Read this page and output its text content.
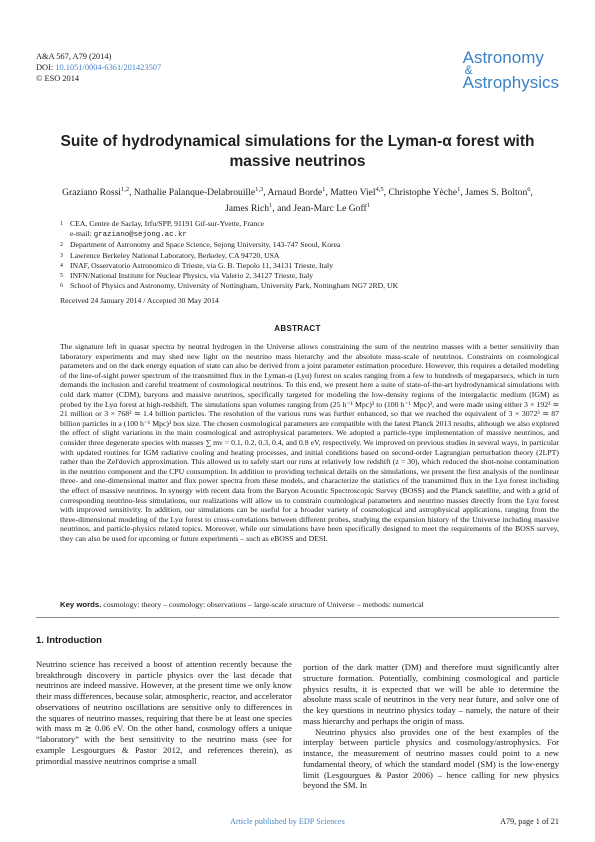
A&A 567, A79 (2014)
DOI: 10.1051/0004-6361/201423507
© ESO 2014
Astronomy
&
Astrophysics
Suite of hydrodynamical simulations for the Lyman-α forest with massive neutrinos
Graziano Rossi$^{1,2}$, Nathalie Palanque-Delabrouille$^{1,3}$, Arnaud Borde$^1$, Matteo Viel$^{4,5}$, Christophe Yèche$^1$, James S. Bolton$^6$, James Rich$^1$, and Jean-Marc Le Goff$^1$
1 CEA, Centre de Saclay, Irfu/SPP, 91191 Gif-sur-Yvette, France
e-mail: graziano@sejong.ac.kr
2 Department of Astronomy and Space Science, Sejong University, 143-747 Seoul, Korea
3 Lawrence Berkeley National Laboratory, Berkeley, CA 94720, USA
4 INAF, Osservatorio Astronomico di Trieste, via G. B. Tiepolo 11, 34131 Trieste, Italy
5 INFN/National Institute for Nuclear Physics, via Valerio 2, 34127 Trieste, Italy
6 School of Physics and Astronomy, University of Nottingham, University Park, Nottingham NG7 2RD, UK
Received 24 January 2014 / Accepted 30 May 2014
ABSTRACT
The signature left in quasar spectra by neutral hydrogen in the Universe allows constraining the sum of the neutrino masses with a better sensitivity than laboratory experiments and may shed new light on the neutrino mass hierarchy and the absolute mass-scale of neutrinos. Constraints on cosmological parameters and on the dark energy equation of state can also be derived from a joint parameter estimation procedure. However, this requires a detailed modeling of the line-of-sight power spectrum of the transmitted flux in the Lyman-α (Lyα) forest on scales ranging from a few to hundreds of megaparsecs, which in turn demands the inclusion and careful treatment of cosmological neutrinos. To this end, we present here a suite of state-of-the-art hydrodynamical simulations with cold dark matter (CDM), baryons and massive neutrinos, specifically targeted for modeling the low-density regions of the intergalactic medium (IGM) as probed by the Lyα forest at high-redshift. The simulations span volumes ranging from (25 h⁻¹ Mpc)³ to (100 h⁻¹ Mpc)³, and were made using either 3 × 192³ ≃ 21 million or 3 × 768³ ≃ 1.4 billion particles. The resolution of the various runs was further enhanced, so that we reached the equivalent of 3 × 3072³ ≃ 87 billion particles in a (100 h⁻¹ Mpc)³ box size. The chosen cosmological parameters are compatible with the latest Planck 2013 results, although we also explored the effect of slight variations in the main cosmological and astrophysical parameters. We adopted a particle-type implementation of massive neutrinos, and consider three degenerate species with masses ∑ mν = 0.1, 0.2, 0.3, 0.4, and 0.8 eV, respectively. We improved on previous studies in several ways, in particular with updated routines for IGM radiative cooling and heating processes, and initial conditions based on second-order Lagrangian perturbation theory (2LPT) rather than the Zel'dovich approximation. This allowed us to safely start our runs at relatively low redshift (z = 30), which reduced the shot-noise contamination in the neutrino component and the CPU consumption. In addition to providing technical details on the simulations, we present the first analysis of the nonlinear three- and one-dimensional matter and flux power spectra from these models, and characterize the statistics of the transmitted flux in the Lyα forest including the effect of massive neutrinos. In synergy with recent data from the Baryon Acoustic Spectroscopic Survey (BOSS) and the Planck satellite, and with a grid of corresponding neutrino-less simulations, our realizations will allow us to constrain cosmological parameters and neutrino masses directly from the Lyα forest with improved sensitivity. In addition, our simulations can be useful for a broader variety of cosmological and astrophysical applications, ranging from the three-dimensional modeling of the Lyα forest to cross-correlations between different probes, studying the expansion history of the Universe including massive neutrinos, and particle-physics related topics. Moreover, while our simulations have been specifically designed to meet the requirements of the BOSS survey, they can also be used for upcoming or future experiments – such as eBOSS and DESI.
Key words. cosmology: theory – cosmology: observations – large-scale structure of Universe – methods: numerical
1. Introduction

Neutrino science has received a boost of attention recently because the breakthrough discovery in particle physics over the last decade that neutrinos are indeed massive. However, at the present time we only know their mass differences, because solar, atmospheric, reactor, and accelerator observations of neutrino oscillations are sensitive only to differences in the squares of neutrino masses, requiring that there be at least one species with mass m ≳ 0.06 eV. On the other hand, cosmology offers a unique “laboratory” with the best sensitivity to the neutrino mass (see for example Lesgourgues & Pastor 2012, and references therein), as primordial massive neutrinos comprise a small

portion of the dark matter (DM) and therefore must significantly alter structure formation. Potentially, combining cosmological and particle physics results, it is expected that we will be able to determine the absolute mass scale of neutrinos in the very near future, and solve one of the key questions in neutrino physics today – namely, the nature of their mass hierarchy and perhaps the origin of mass.

Neutrino physics also provides one of the best examples of the interplay between particle physics and cosmology/astrophysics. For instance, the measurement of neutrino masses could point to a new fundamental theory, of which the standard model (SM) is the low-energy limit (Lesgourgues & Pastor 2006) – hence calling for new physics beyond the SM. In

Article published by EDP Sciences	A79, page 1 of 21
